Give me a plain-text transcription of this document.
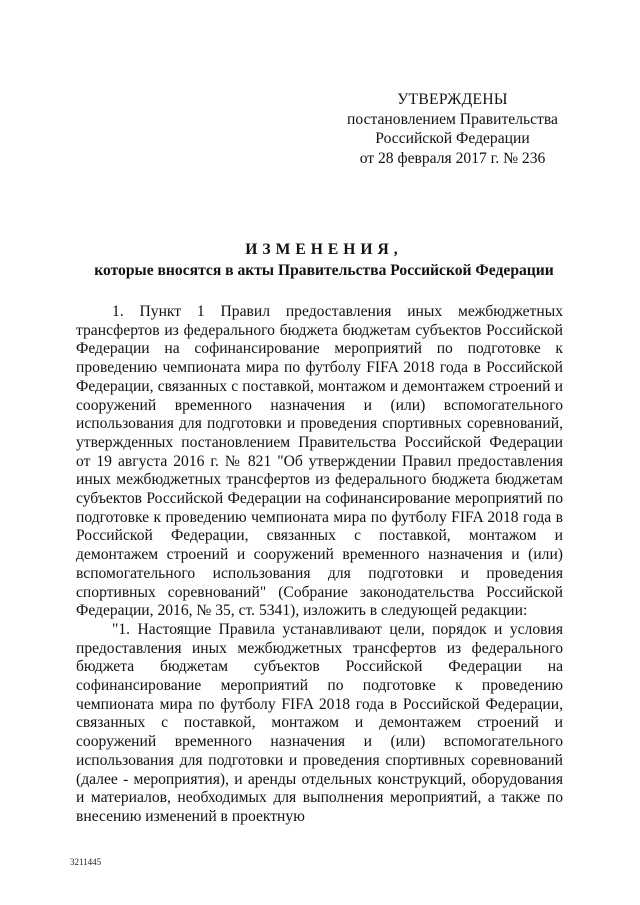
УТВЕРЖДЕНЫ
постановлением Правительства
Российской Федерации
от 28 февраля 2017 г. № 236
ИЗМЕНЕНИЯ,
которые вносятся в акты Правительства Российской Федерации

1. Пункт 1 Правил предоставления иных межбюджетных трансфертов из федерального бюджета бюджетам субъектов Российской Федерации на софинансирование мероприятий по подготовке к проведению чемпионата мира по футболу FIFA 2018 года в Российской Федерации, связанных с поставкой, монтажом и демонтажем строений и сооружений временного назначения и (или) вспомогательного использования для подготовки и проведения спортивных соревнований, утвержденных постановлением Правительства Российской Федерации от 19 августа 2016 г. № 821 "Об утверждении Правил предоставления иных межбюджетных трансфертов из федерального бюджета бюджетам субъектов Российской Федерации на софинансирование мероприятий по подготовке к проведению чемпионата мира по футболу FIFA 2018 года в Российской Федерации, связанных с поставкой, монтажом и демонтажем строений и сооружений временного назначения и (или) вспомогательного использования для подготовки и проведения спортивных соревнований" (Собрание законодательства Российской Федерации, 2016, № 35, ст. 5341), изложить в следующей редакции:

"1. Настоящие Правила устанавливают цели, порядок и условия предоставления иных межбюджетных трансфертов из федерального бюджета бюджетам субъектов Российской Федерации на софинансирование мероприятий по подготовке к проведению чемпионата мира по футболу FIFA 2018 года в Российской Федерации, связанных с поставкой, монтажом и демонтажем строений и сооружений временного назначения и (или) вспомогательного использования для подготовки и проведения спортивных соревнований (далее - мероприятия), и аренды отдельных конструкций, оборудования и материалов, необходимых для выполнения мероприятий, а также по внесению изменений в проектную

3211445
